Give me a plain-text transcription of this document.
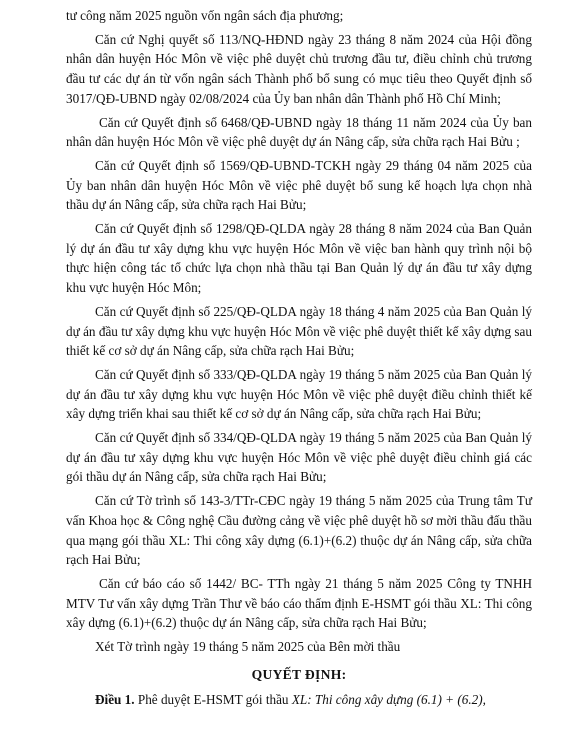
tư công năm 2025 nguồn vốn ngân sách địa phương;

Căn cứ Nghị quyết số 113/NQ-HĐND ngày 23 tháng 8 năm 2024 của Hội đồng nhân dân huyện Hóc Môn về việc phê duyệt chủ trương đầu tư, điều chỉnh chủ trương đầu tư các dự án từ vốn ngân sách Thành phố bổ sung có mục tiêu theo Quyết định số 3017/QĐ-UBND ngày 02/08/2024 của Ủy ban nhân dân Thành phố Hồ Chí Minh;

Căn cứ Quyết định số 6468/QĐ-UBND ngày 18 tháng 11 năm 2024 của Ủy ban nhân dân huyện Hóc Môn về việc phê duyệt dự án Nâng cấp, sửa chữa rạch Hai Bửu ;

Căn cứ Quyết định số 1569/QĐ-UBND-TCKH ngày 29 tháng 04 năm 2025 của Ủy ban nhân dân huyện Hóc Môn về việc phê duyệt bổ sung kế hoạch lựa chọn nhà thầu dự án Nâng cấp, sửa chữa rạch Hai Bửu;

Căn cứ Quyết định số 1298/QĐ-QLDA ngày 28 tháng 8 năm 2024 của Ban Quản lý dự án đầu tư xây dựng khu vực huyện Hóc Môn về việc ban hành quy trình nội bộ thực hiện công tác tổ chức lựa chọn nhà thầu tại Ban Quản lý dự án đầu tư xây dựng khu vực huyện Hóc Môn;

Căn cứ Quyết định số 225/QĐ-QLDA ngày 18 tháng 4 năm 2025 của Ban Quản lý dự án đầu tư xây dựng khu vực huyện Hóc Môn về việc phê duyệt thiết kế xây dựng sau thiết kế cơ sở dự án Nâng cấp, sửa chữa rạch Hai Bửu;

Căn cứ Quyết định số 333/QĐ-QLDA ngày 19 tháng 5 năm 2025 của Ban Quản lý dự án đầu tư xây dựng khu vực huyện Hóc Môn về việc phê duyệt điều chỉnh thiết kế xây dựng triển khai sau thiết kế cơ sở dự án Nâng cấp, sửa chữa rạch Hai Bửu;

Căn cứ Quyết định số 334/QĐ-QLDA ngày 19 tháng 5 năm 2025 của Ban Quản lý dự án đầu tư xây dựng khu vực huyện Hóc Môn về việc phê duyệt điều chỉnh giá các gói thầu dự án Nâng cấp, sửa chữa rạch Hai Bửu;

Căn cứ Tờ trình số 143-3/TTr-CĐC ngày 19 tháng 5 năm 2025 của Trung tâm Tư vấn Khoa học & Công nghệ Cầu đường cảng về việc phê duyệt hồ sơ mời thầu đấu thầu qua mạng gói thầu XL: Thi công xây dựng (6.1)+(6.2) thuộc dự án Nâng cấp, sửa chữa rạch Hai Bửu;

Căn cứ báo cáo số 1442/ BC- TTh ngày 21 tháng 5 năm 2025 Công ty TNHH MTV Tư vấn xây dựng Trần Thư về báo cáo thẩm định E-HSMT gói thầu XL: Thi công xây dựng (6.1)+(6.2) thuộc dự án Nâng cấp, sửa chữa rạch Hai Bửu;

Xét Tờ trình ngày 19 tháng 5 năm 2025 của Bên mời thầu

QUYẾT ĐỊNH:

Điều 1. Phê duyệt E-HSMT gói thầu XL: Thi công xây dựng (6.1) + (6.2),
